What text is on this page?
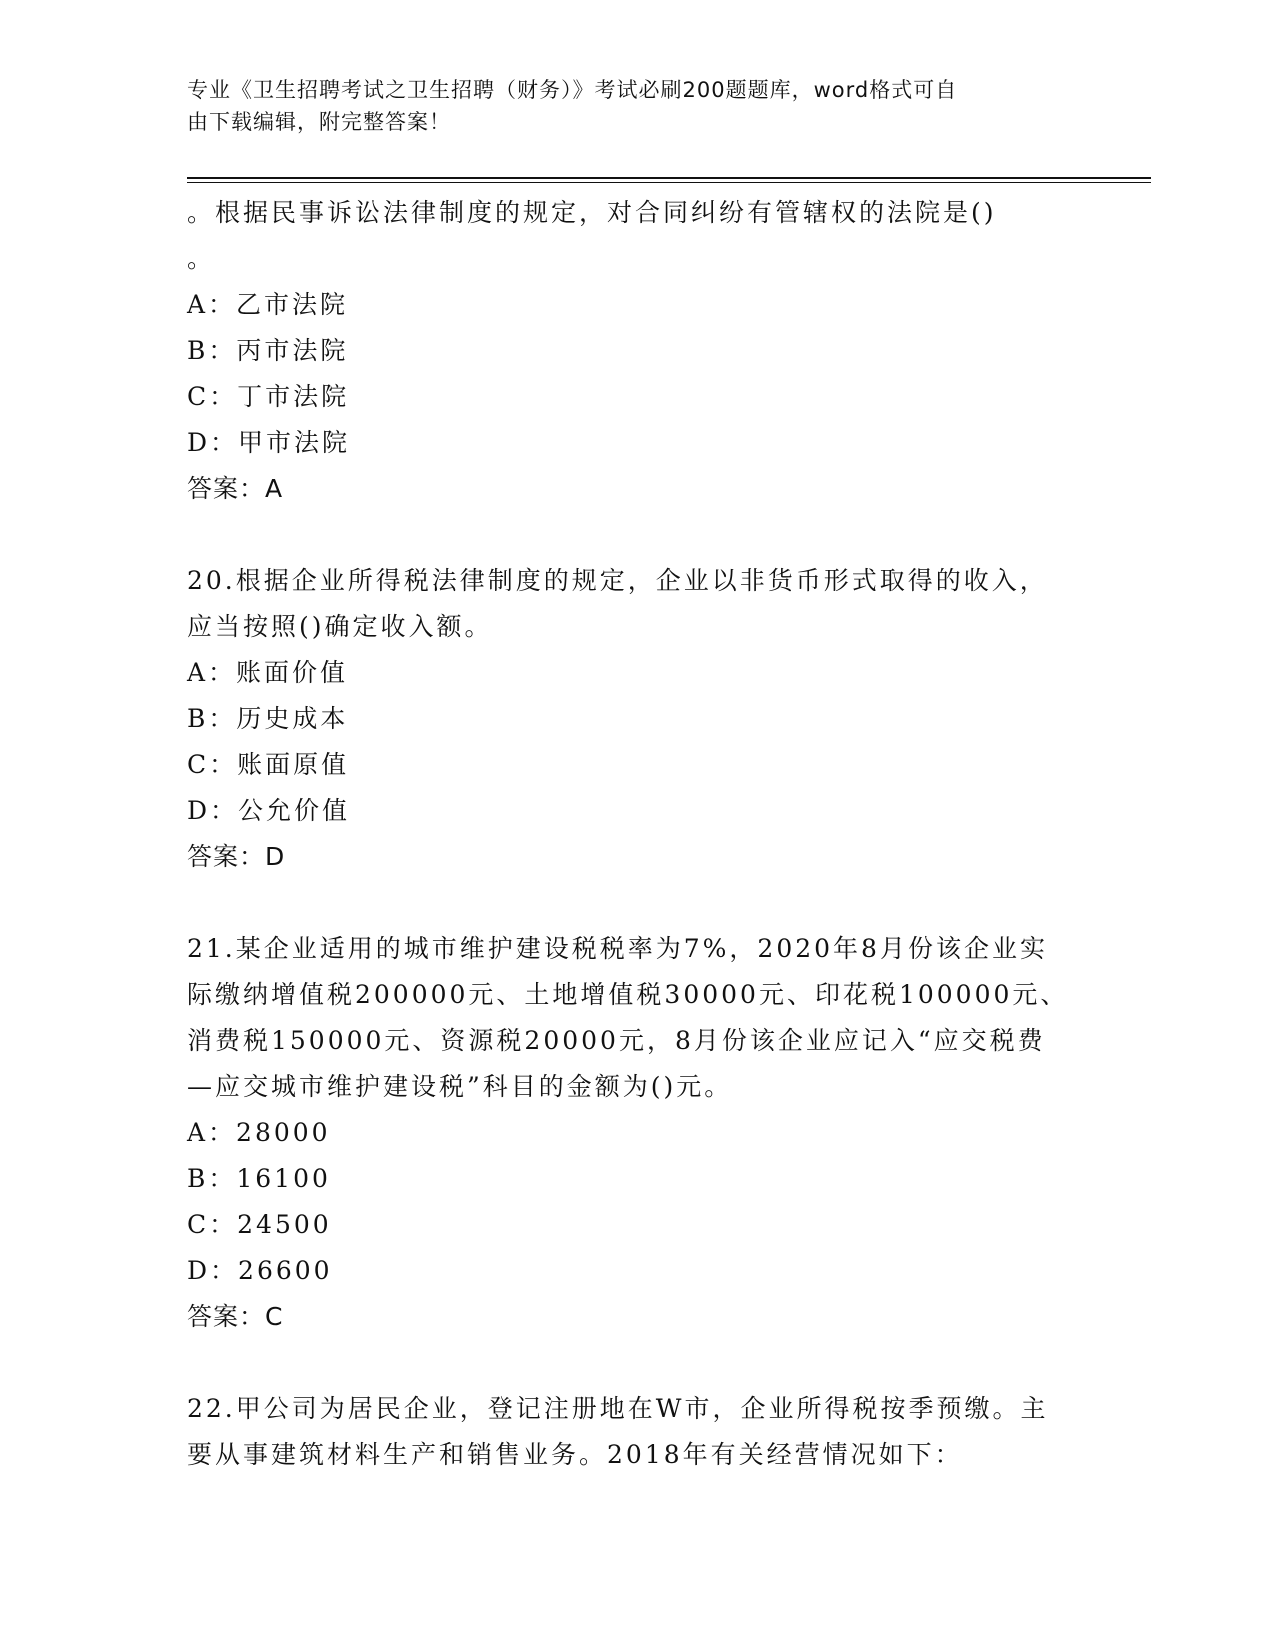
专业《卫生招聘考试之卫生招聘（财务）》考试必刷200题题库，word格式可自
由下载编辑，附完整答案！
。根据民事诉讼法律制度的规定，对合同纠纷有管辖权的法院是()
。
A：乙市法院
B：丙市法院
C：丁市法院
D：甲市法院
答案：A
20.根据企业所得税法律制度的规定，企业以非货币形式取得的收入，
应当按照()确定收入额。
A：账面价值
B：历史成本
C：账面原值
D：公允价值
答案：D
21.某企业适用的城市维护建设税税率为7%，2020年8月份该企业实
际缴纳增值税200000元、土地增值税30000元、印花税100000元、
消费税150000元、资源税20000元，8月份该企业应记入“应交税费
—应交城市维护建设税”科目的金额为()元。
A：28000
B：16100
C：24500
D：26600
答案：C
22.甲公司为居民企业，登记注册地在W市，企业所得税按季预缴。主
要从事建筑材料生产和销售业务。2018年有关经营情况如下：
